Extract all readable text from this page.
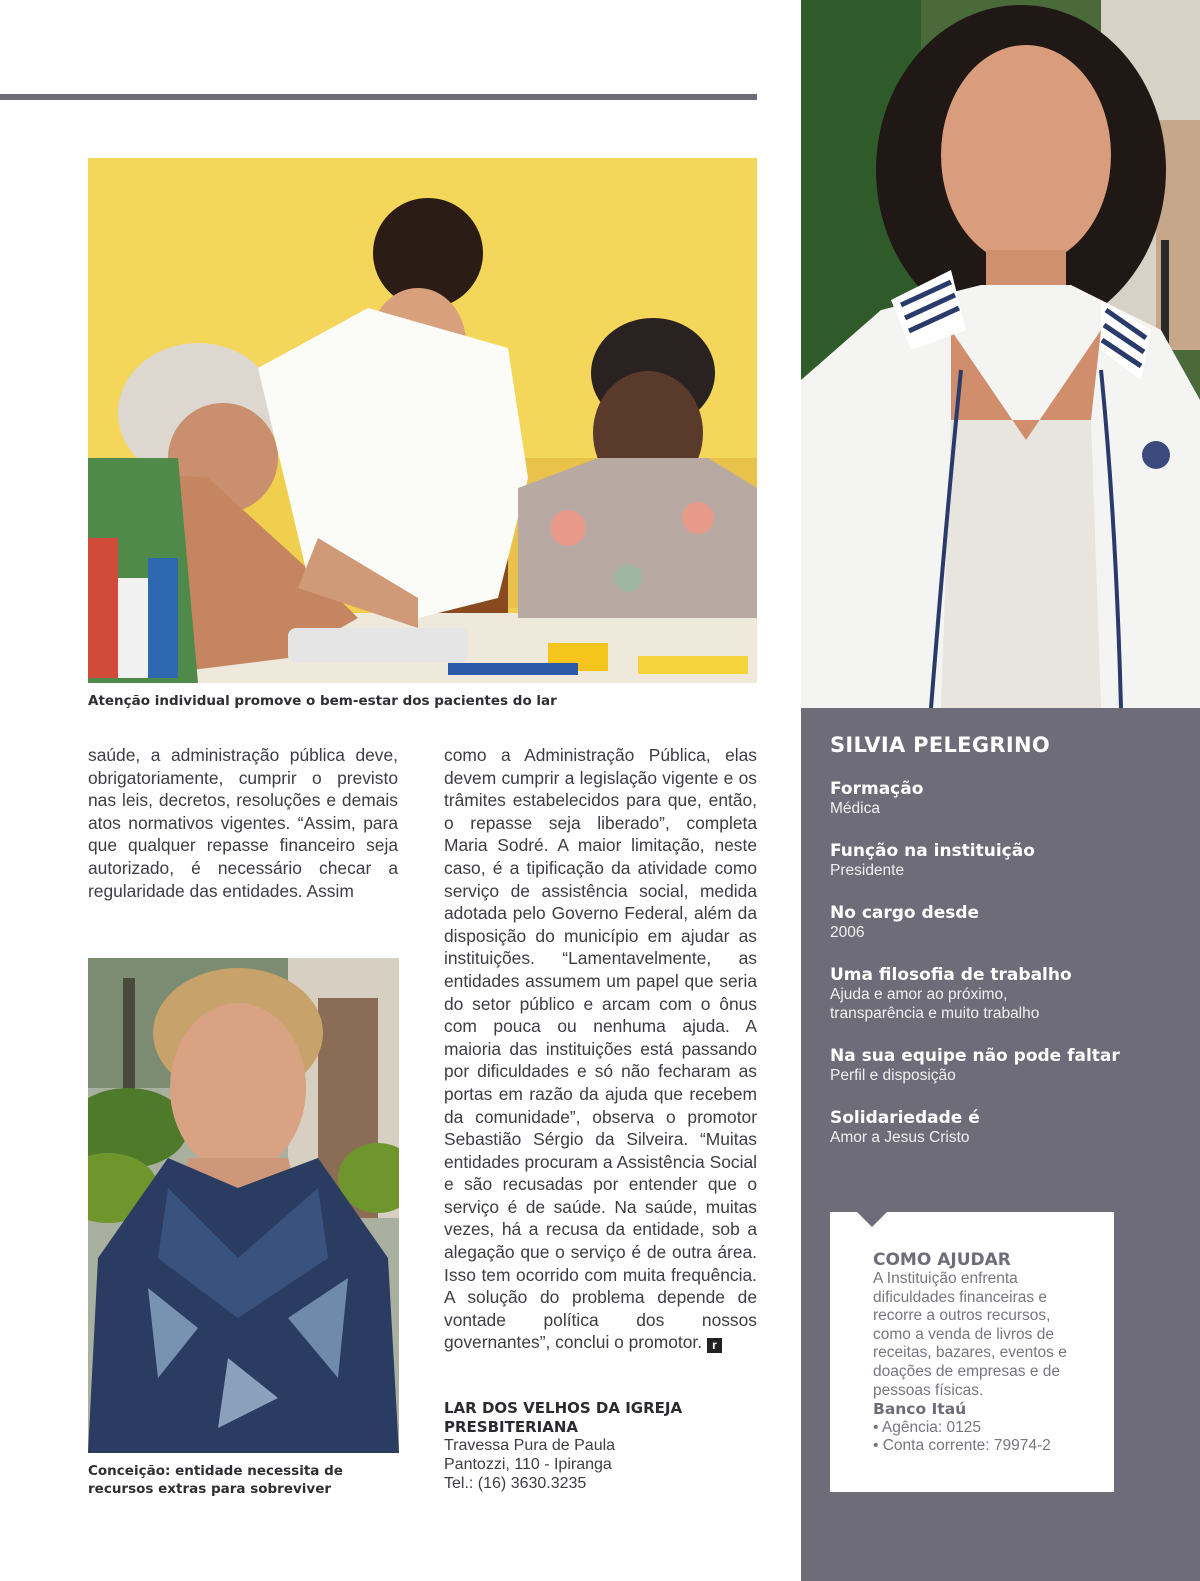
Atenção individual promove o bem-estar dos pacientes do lar

saúde, a administração pública deve, obrigatoriamente, cumprir o previsto nas leis, decretos, resoluções e demais atos normativos vigentes. “Assim, para que qualquer repasse financeiro seja autorizado, é necessário checar a regularidade das entidades. Assim

Conceição: entidade necessita de
recursos extras para sobreviver

como a Administração Pública, elas devem cumprir a legislação vigente e os trâmites estabelecidos para que, então, o repasse seja liberado”, completa Maria Sodré. A maior limitação, neste caso, é a tipificação da atividade como serviço de assistência social, medida adotada pelo Governo Federal, além da disposição do município em ajudar as instituições. “Lamentavelmente, as entidades assumem um papel que seria do setor público e arcam com o ônus com pouca ou nenhuma ajuda. A maioria das instituições está passando por dificuldades e só não fecharam as portas em razão da ajuda que recebem da comunidade”, observa o promotor Sebastião Sérgio da Silveira. “Muitas entidades procuram a Assistência Social e são recusadas por entender que o serviço é de saúde. Na saúde, muitas vezes, há a recusa da entidade, sob a alegação que o serviço é de outra área. Isso tem ocorrido com muita frequência. A solução do problema depende de vontade política dos nossos governantes”, conclui o promotor. r

LAR DOS VELHOS DA IGREJA
PRESBITERIANA
Travessa Pura de Paula
Pantozzi, 110 - Ipiranga
Tel.: (16) 3630.3235
SILVIA PELEGRINO
Formação
Médica
Função na instituição
Presidente
No cargo desde
2006
Uma filosofia de trabalho
Ajuda e amor ao próximo,
transparência e muito trabalho
Na sua equipe não pode faltar
Perfil e disposição
Solidariedade é
Amor a Jesus Cristo
COMO AJUDAR
A Instituição enfrenta
dificuldades financeiras e
recorre a outros recursos,
como a venda de livros de
receitas, bazares, eventos e
doações de empresas e de
pessoas físicas.
Banco Itaú
• Agência: 0125
• Conta corrente: 79974-2
